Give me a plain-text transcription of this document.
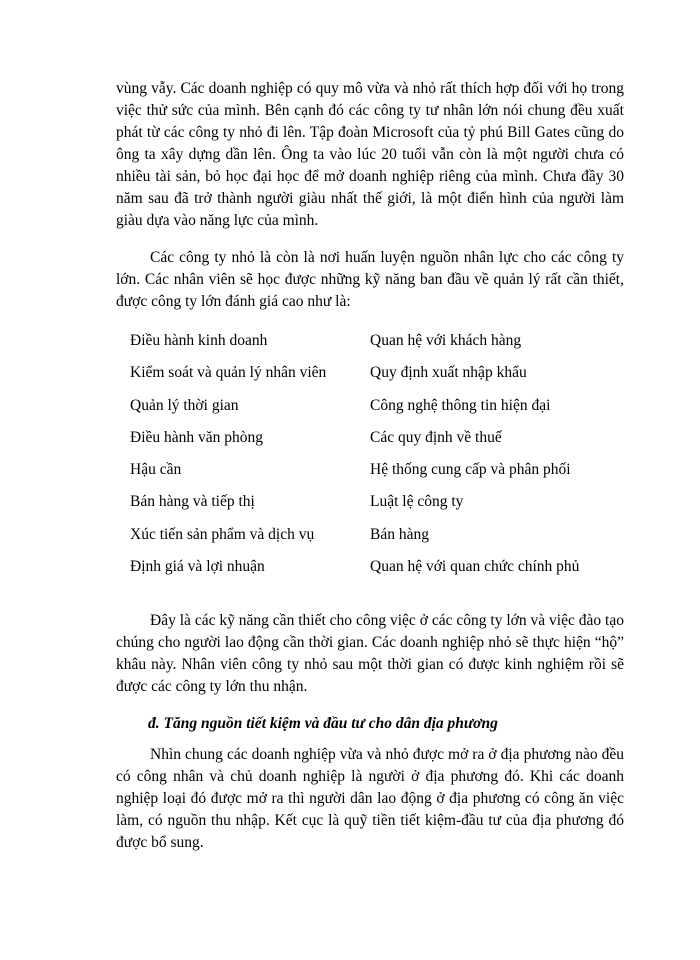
vùng vẫy. Các doanh nghiệp có quy mô vừa và nhỏ rất thích hợp đối với họ trong việc thử sức của mình. Bên cạnh đó các công ty tư nhân lớn nói chung đều xuất phát từ các công ty nhỏ đi lên. Tập đoàn Microsoft của tỷ phú Bill Gates cũng do ông ta xây dựng dần lên. Ông ta vào lúc 20 tuổi vẫn còn là một người chưa có nhiều tài sản, bỏ học đại học để mở doanh nghiệp riêng của mình. Chưa đầy 30 năm sau đã trở thành người giàu nhất thế giới, là một điển hình của người làm giàu dựa vào năng lực của mình.

Các công ty nhỏ là còn là nơi huấn luyện nguồn nhân lực cho các công ty lớn. Các nhân viên sẽ học được những kỹ năng ban đầu về quản lý rất cần thiết, được công ty lớn đánh giá cao như là:

Điều hành kinh doanh	Quan hệ với khách hàng
Kiểm soát và quản lý nhân viên	Quy định xuất nhập khẩu
Quản lý thời gian	Công nghệ thông tin hiện đại
Điều hành văn phòng	Các quy định về thuế
Hậu cần	Hệ thống cung cấp và phân phối
Bán hàng và tiếp thị	Luật lệ công ty
Xúc tiến sản phẩm và dịch vụ	Bán hàng
Định giá và lợi nhuận	Quan hệ với quan chức chính phủ

Đây là các kỹ năng cần thiết cho công việc ở các công ty lớn và việc đào tạo chúng cho người lao động cần thời gian. Các doanh nghiệp nhỏ sẽ thực hiện “hộ” khâu này. Nhân viên công ty nhỏ sau một thời gian có được kinh nghiệm rồi sẽ được các công ty lớn thu nhận.

đ. Tăng nguồn tiết kiệm và đầu tư cho dân địa phương

Nhìn chung các doanh nghiệp vừa và nhỏ được mở ra ở địa phương nào đều có công nhân và chủ doanh nghiệp là người ở địa phương đó. Khi các doanh nghiệp loại đó được mở ra thì người dân lao động ở địa phương có công ăn việc làm, có nguồn thu nhập. Kết cục là quỹ tiền tiết kiệm-đầu tư của địa phương đó được bổ sung.
